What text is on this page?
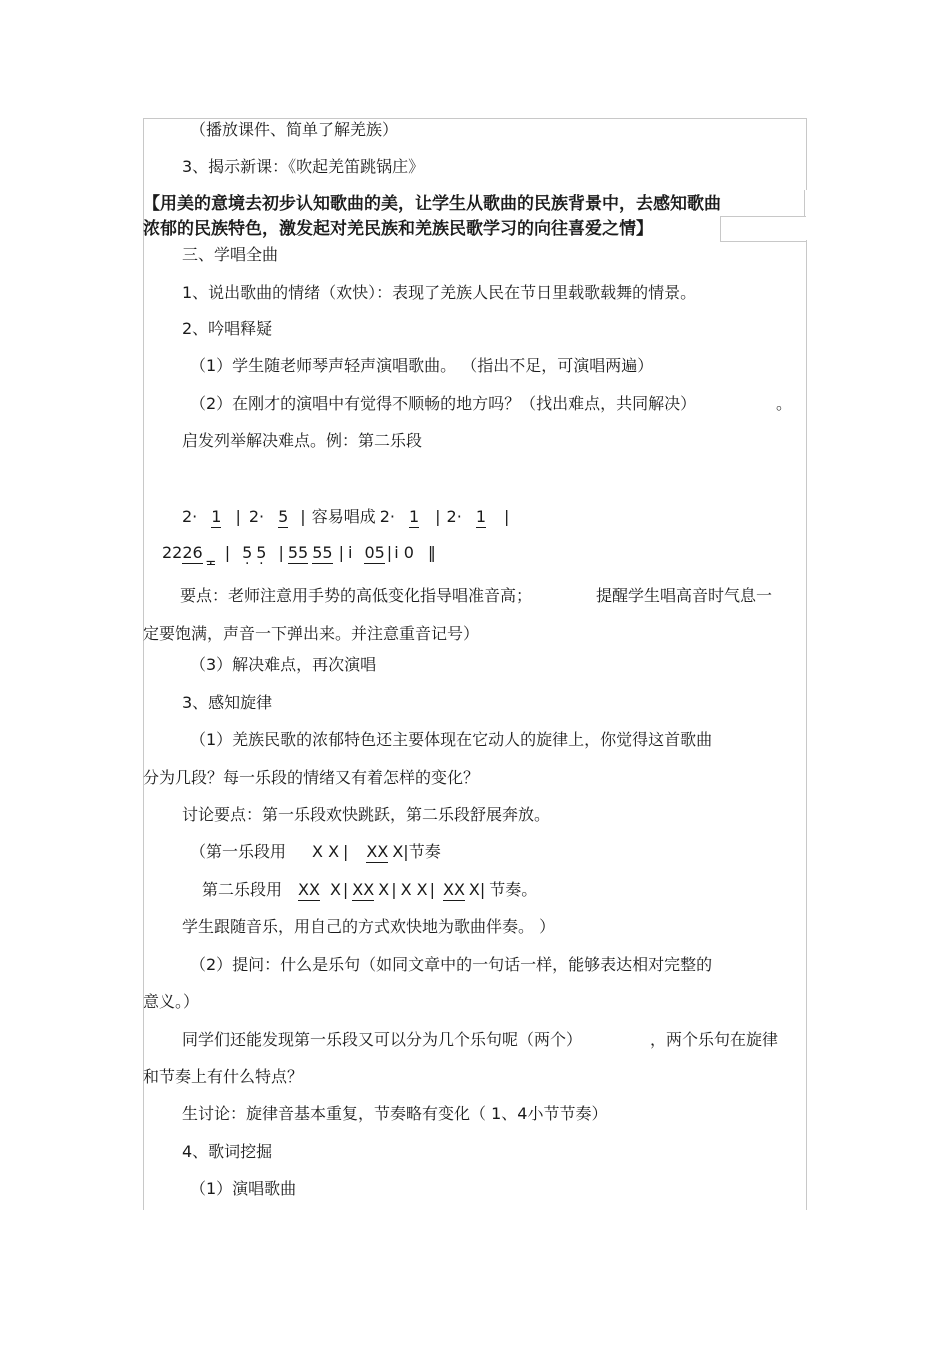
（播放课件、简单了解羌族）
3、揭示新课：《吹起羌笛跳锅庄》
【用美的意境去初步认知歌曲的美，让学生从歌曲的民族背景中，去感知歌曲
浓郁的民族特色，激发起对羌民族和羌族民歌学习的向往喜爱之情】
三、学唱全曲
1、说出歌曲的情绪（欢快）：表现了羌族人民在节日里载歌载舞的情景。
2、吟唱释疑
（1）学生随老师琴声轻声演唱歌曲。 （指出不足，可演唱两遍）
（2）在刚才的演唱中有觉得不顺畅的地方吗？（找出难点，共同解决）	。
启发列举解决难点。例：第二乐段
2· 1 | 2· 5 | 容易唱成 2· 1 | 2· 1 |
2226 _ · | 5 · 5 · | 55 55 | i 05 | i 0 ‖
要点：老师注意用手势的高低变化指导唱准音高；	提醒学生唱高音时气息一
定要饱满，声音一下弹出来。并注意重音记号）
（3）解决难点，再次演唱
3、感知旋律
（1）羌族民歌的浓郁特色还主要体现在它动人的旋律上，你觉得这首歌曲
分为几段？每一乐段的情绪又有着怎样的变化？
讨论要点：第一乐段欢快跳跃，第二乐段舒展奔放。
（第一乐段用 X X | XX X|节奏
第二乐段用 XX X | XX X | X X | XX X| 节奏。
学生跟随音乐，用自己的方式欢快地为歌曲伴奏。 ）
（2）提问：什么是乐句（如同文章中的一句话一样，能够表达相对完整的
意义。）
同学们还能发现第一乐段又可以分为几个乐句呢（两个）	，两个乐句在旋律
和节奏上有什么特点？
生讨论：旋律音基本重复，节奏略有变化（ 1、4小节节奏）
4、歌词挖掘
（1）演唱歌曲
